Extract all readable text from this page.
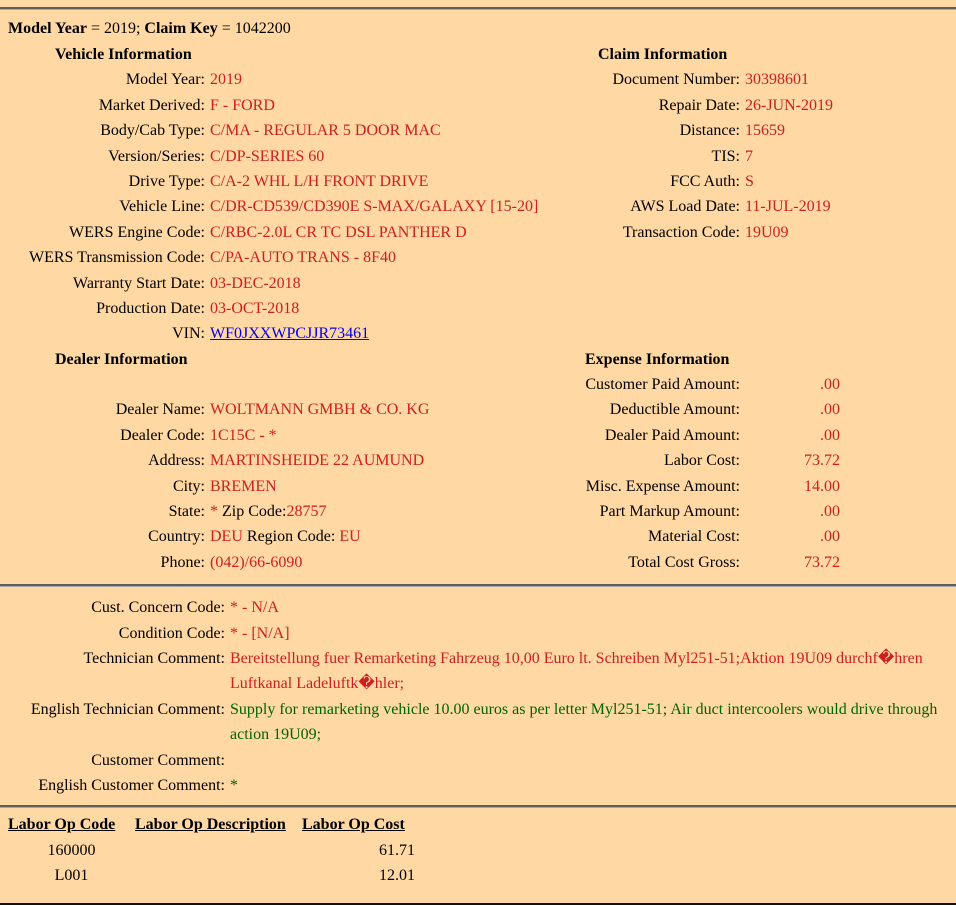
Model Year = 2019; Claim Key = 1042200
Vehicle Information
Model Year: 2019
Market Derived: F - FORD
Body/Cab Type: C/MA - REGULAR 5 DOOR MAC
Version/Series: C/DP-SERIES 60
Drive Type: C/A-2 WHL L/H FRONT DRIVE
Vehicle Line: C/DR-CD539/CD390E S-MAX/GALAXY [15-20]
WERS Engine Code: C/RBC-2.0L CR TC DSL PANTHER D
WERS Transmission Code: C/PA-AUTO TRANS - 8F40
Warranty Start Date: 03-DEC-2018
Production Date: 03-OCT-2018
VIN: WF0JXXWPCJJR73461
Claim Information
Document Number: 30398601
Repair Date: 26-JUN-2019
Distance: 15659
TIS: 7
FCC Auth: S
AWS Load Date: 11-JUL-2019
Transaction Code: 19U09
Dealer Information
Dealer Name: WOLTMANN GMBH & CO. KG
Dealer Code: 1C15C - *
Address: MARTINSHEIDE 22 AUMUND
City: BREMEN
State: * Zip Code: 28757
Country: DEU Region Code: EU
Phone: (042)/66-6090
Expense Information
Customer Paid Amount:	.00
Deductible Amount:	.00
Dealer Paid Amount:	.00
Labor Cost:	73.72
Misc. Expense Amount:	14.00
Part Markup Amount:	.00
Material Cost:	.00
Total Cost Gross:	73.72
Cust. Concern Code: * - N/A
Condition Code: * - [N/A]
Technician Comment: Bereitstellung fuer Remarketing Fahrzeug 10,00 Euro lt. Schreiben Myl251-51;Aktion 19U09 durchf�hren Luftkanal Ladeluftk�hler;
English Technician Comment: Supply for remarketing vehicle 10.00 euros as per letter Myl251-51; Air duct intercoolers would drive through action 19U09;
Customer Comment:
English Customer Comment: *
Labor Op Code	Labor Op Description	Labor Op Cost
160000		61.71
L001		12.01
